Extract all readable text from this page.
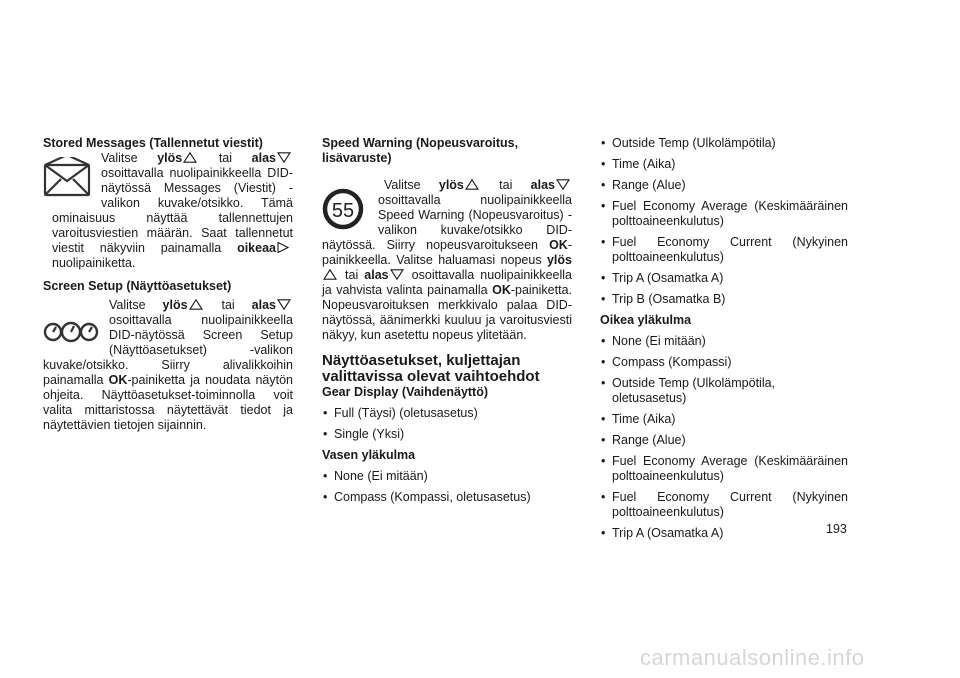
Stored Messages (Tallennetut viestit)

Valitse ylös
tai alas

osoittavalla nuolipainikkeella DID-näytössä Messages (Viestit) -valikon kuvake/otsikko. Tämä ominaisuus näyttää tallennettujen varoitusviestien määrän. Saat tallennetut viestit näkyviin painamalla oikeaa
nuolipainiketta.

Screen Setup (Näyttöasetukset)

Valitse ylös
tai alas
osoittavalla nuolipainikkeella DID-näytössä Screen Setup (Näyttöasetukset) -valikon kuvake/otsikko. Siirry alivalikkoihin painamalla OK-painiketta ja noudata näytön ohjeita. Näyttöasetukset-toiminnolla voit valita mittaristossa näytettävät tiedot ja näytettävien tietojen sijainnin.

Speed Warning (Nopeusvaroitus,
lisävaruste)

55
Valitse ylös
tai alas
osoittavalla nuolipainikkeella Speed Warning (Nopeusvaroitus) -valikon kuvake/otsikko DID-näytössä. Siirry nopeusvaroitukseen OK-painikkeella. Valitse haluamasi nopeus ylös
tai alas
osoittavalla nuolipainikkeella ja vahvista valinta painamalla OK-painiketta. Nopeusvaroituksen merkkivalo palaa DID-näytössä, äänimerkki kuuluu ja varoitusviesti näkyy, kun asetettu nopeus ylitetään.

Näyttöasetukset, kuljettajan
valittavissa olevat vaihtoehdot
Gear Display (Vaihdenäyttö)
• Full (Täysi) (oletusasetus)
• Single (Yksi)
Vasen yläkulma
• None (Ei mitään)
• Compass (Kompassi, oletusasetus)
• Outside Temp (Ulkolämpötila)
• Time (Aika)
• Range (Alue)
• Fuel Economy Average (Keskimääräinen polttoaineenkulutus)
• Fuel Economy Current (Nykyinen polttoaineenkulutus)
• Trip A (Osamatka A)
• Trip B (Osamatka B)
Oikea yläkulma
• None (Ei mitään)
• Compass (Kompassi)
• Outside Temp (Ulkolämpötila, oletusasetus)
• Time (Aika)
• Range (Alue)
• Fuel Economy Average (Keskimääräinen polttoaineenkulutus)
• Fuel Economy Current (Nykyinen polttoaineenkulutus)
• Trip A (Osamatka A)	193
carmanualsonline.info
